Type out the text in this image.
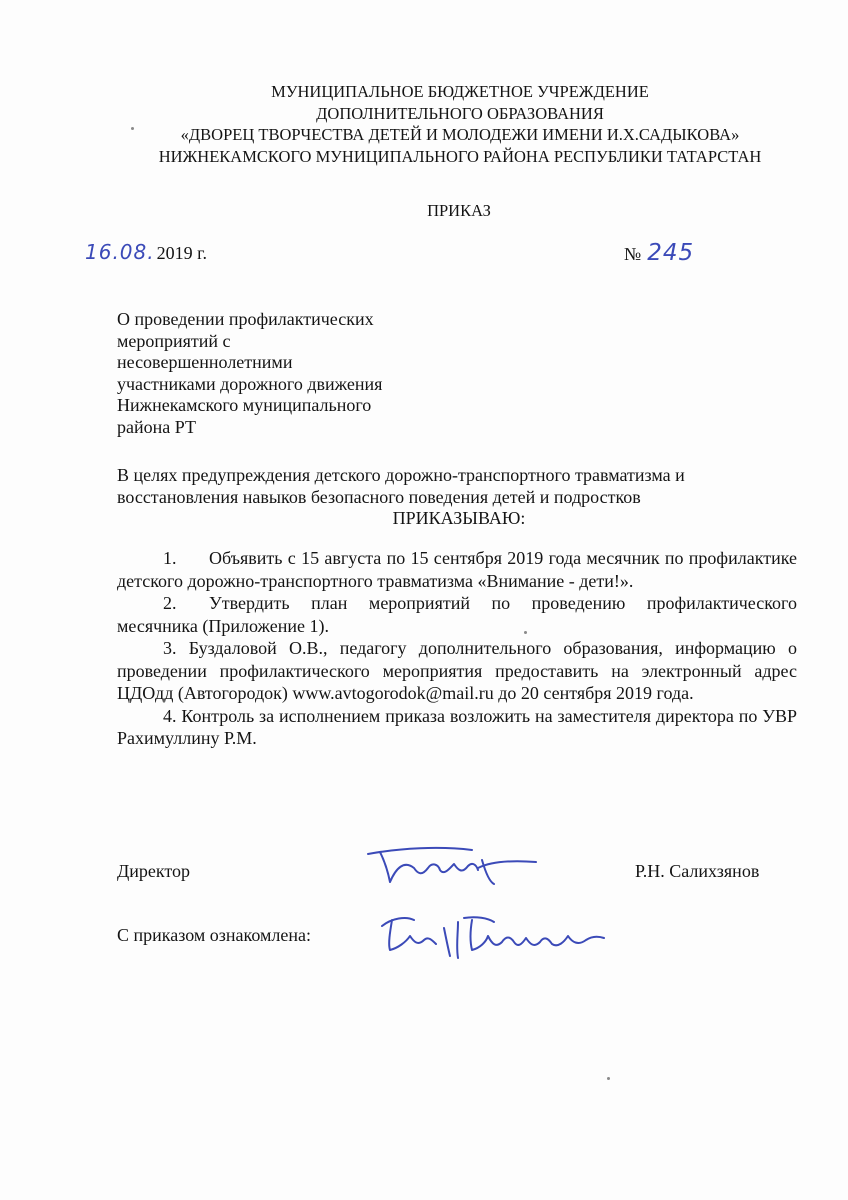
МУНИЦИПАЛЬНОЕ БЮДЖЕТНОЕ УЧРЕЖДЕНИЕ
ДОПОЛНИТЕЛЬНОГО ОБРАЗОВАНИЯ
«ДВОРЕЦ ТВОРЧЕСТВА ДЕТЕЙ И МОЛОДЕЖИ ИМЕНИ И.Х.САДЫКОВА»
НИЖНЕКАМСКОГО МУНИЦИПАЛЬНОГО РАЙОНА РЕСПУБЛИКИ ТАТАРСТАН
ПРИКАЗ
16.08. 2019 г.	№ 245
О проведении профилактических
мероприятий с
несовершеннолетними
участниками дорожного движения
Нижнекамского муниципального
района РТ
В целях предупреждения детского дорожно-транспортного травматизма и
восстановления навыков безопасного поведения детей и подростков
ПРИКАЗЫВАЮ:
1. Объявить с 15 августа по 15 сентября 2019 года месячник по профилактике детского дорожно-транспортного травматизма «Внимание - дети!».
2. Утвердить план мероприятий по проведению профилактического месячника (Приложение 1).
3. Буздаловой О.В., педагогу дополнительного образования, информацию о проведении профилактического мероприятия предоставить на электронный адрес ЦДОдд (Автогородок) www.avtogorodok@mail.ru до 20 сентября 2019 года.
4. Контроль за исполнением приказа возложить на заместителя директора по УВР Рахимуллину Р.М.
Директор	Р.Н. Салихзянов
С приказом ознакомлена:
